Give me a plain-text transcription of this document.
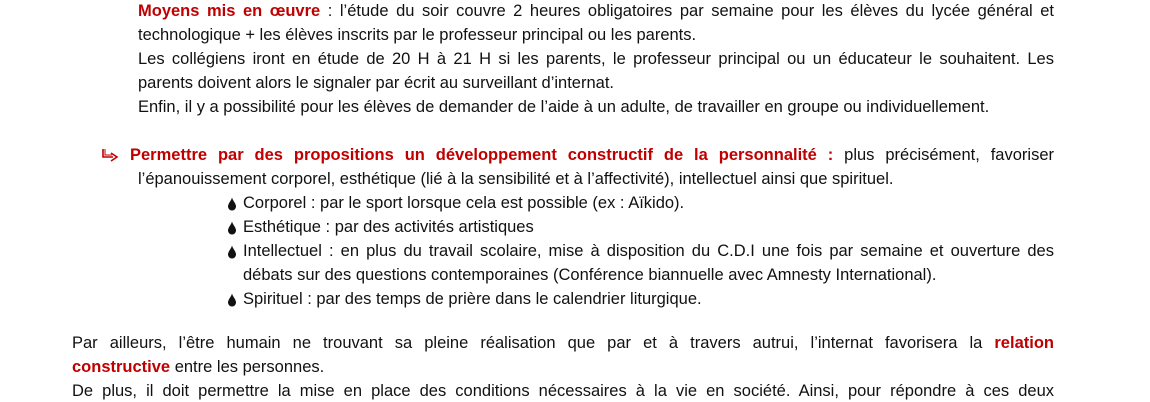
Moyens mis en œuvre : l’étude du soir couvre 2 heures obligatoires par semaine pour les élèves du lycée général et
technologique + les élèves inscrits par le professeur principal ou les parents.
Les collégiens iront en étude de 20 H à 21 H si les parents, le professeur principal ou un éducateur le souhaitent. Les
parents doivent alors le signaler par écrit au surveillant d’internat.
Enfin, il y a possibilité pour les élèves de demander de l’aide à un adulte, de travailler en groupe ou individuellement.
Permettre par des propositions un développement constructif de la personnalité : plus précisément, favoriser
l’épanouissement corporel, esthétique (lié à la sensibilité et à l’affectivité), intellectuel ainsi que spirituel.
Corporel : par le sport lorsque cela est possible (ex : Aïkido).
Esthétique : par des activités artistiques
Intellectuel : en plus du travail scolaire, mise à disposition du C.D.I une fois par semaine et ouverture des
débats sur des questions contemporaines (Conférence biannuelle avec Amnesty International).
Spirituel : par des temps de prière dans le calendrier liturgique.
Par ailleurs, l’être humain ne trouvant sa pleine réalisation que par et à travers autrui, l’internat favorisera la relation
constructive entre les personnes.
De plus, il doit permettre la mise en place des conditions nécessaires à la vie en société. Ainsi, pour répondre à ces deux
